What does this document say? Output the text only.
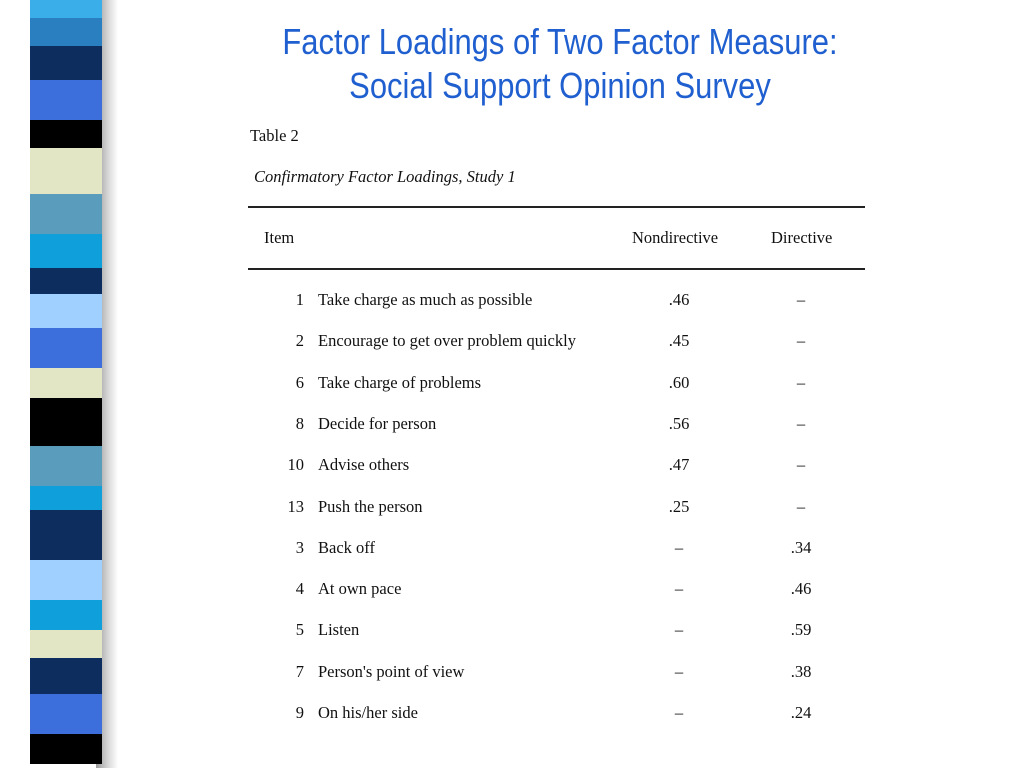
Factor Loadings of Two Factor Measure:
Social Support Opinion Survey
Table 2
Confirmatory Factor Loadings, Study 1
Item	Nondirective	Directive
1 Take charge as much as possible	.46	–
2 Encourage to get over problem quickly	.45	–
6 Take charge of problems	.60	–
8 Decide for person	.56	–
10 Advise others	.47	–
13 Push the person	.25	–
3 Back off	–	.34
4 At own pace	–	.46
5 Listen	–	.59
7 Person's point of view	–	.38
9 On his/her side	–	.24
